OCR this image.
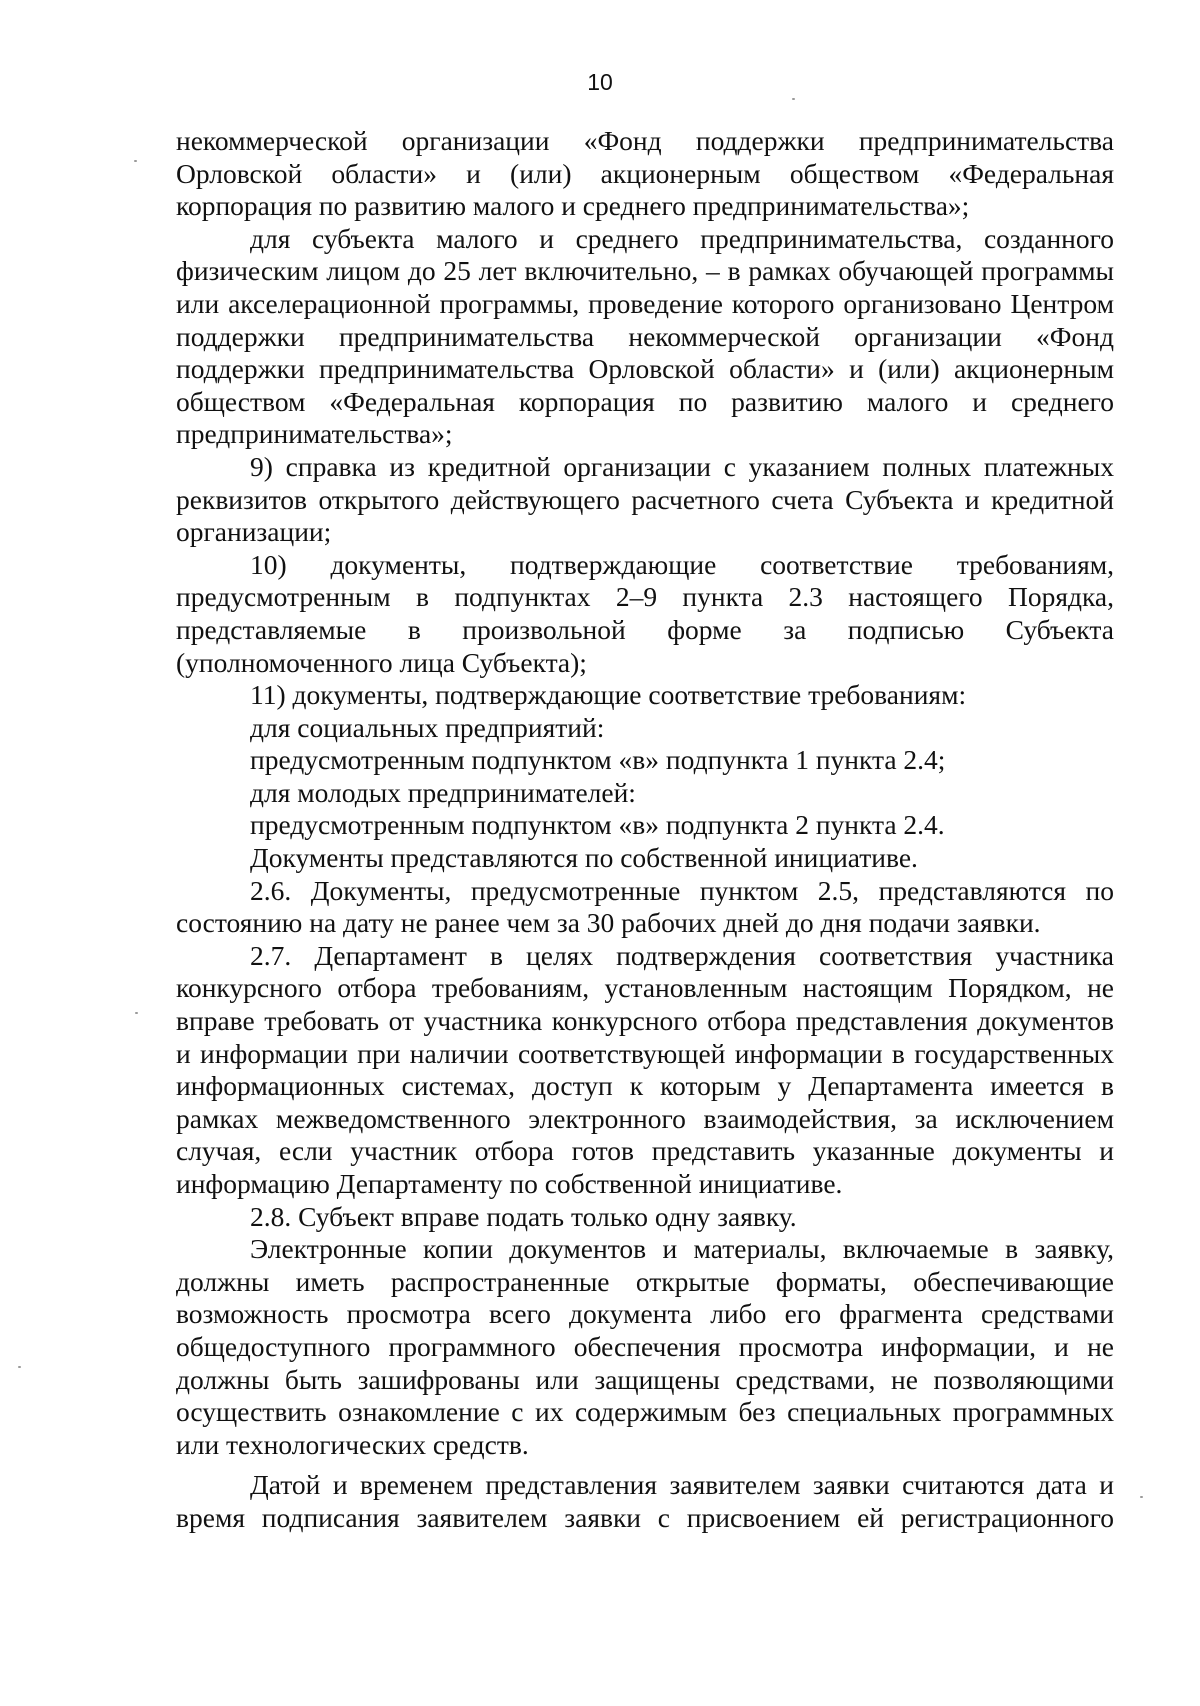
10

некоммерческой организации «Фонд поддержки предпринимательства Орловской области» и (или) акционерным обществом «Федеральная корпорация по развитию малого и среднего предпринимательства»;

для субъекта малого и среднего предпринимательства, созданного физическим лицом до 25 лет включительно, – в рамках обучающей программы или акселерационной программы, проведение которого организовано Центром поддержки предпринимательства некоммерческой организации «Фонд поддержки предпринимательства Орловской области» и (или) акционерным обществом «Федеральная корпорация по развитию малого и среднего предпринимательства»;

9) справка из кредитной организации с указанием полных платежных реквизитов открытого действующего расчетного счета Субъекта и кредитной организации;

10) документы, подтверждающие соответствие требованиям, предусмотренным в подпунктах 2–9 пункта 2.3 настоящего Порядка, представляемые в произвольной форме за подписью Субъекта (уполномоченного лица Субъекта);

11) документы, подтверждающие соответствие требованиям:

для социальных предприятий:

предусмотренным подпунктом «в» подпункта 1 пункта 2.4;

для молодых предпринимателей:

предусмотренным подпунктом «в» подпункта 2 пункта 2.4.

Документы представляются по собственной инициативе.

2.6. Документы, предусмотренные пунктом 2.5, представляются по состоянию на дату не ранее чем за 30 рабочих дней до дня подачи заявки.

2.7. Департамент в целях подтверждения соответствия участника конкурсного отбора требованиям, установленным настоящим Порядком, не вправе требовать от участника конкурсного отбора представления документов и информации при наличии соответствующей информации в государственных информационных системах, доступ к которым у Департамента имеется в рамках межведомственного электронного взаимодействия, за исключением случая, если участник отбора готов представить указанные документы и информацию Департаменту по собственной инициативе.

2.8. Субъект вправе подать только одну заявку.

Электронные копии документов и материалы, включаемые в заявку, должны иметь распространенные открытые форматы, обеспечивающие возможность просмотра всего документа либо его фрагмента средствами общедоступного программного обеспечения просмотра информации, и не должны быть зашифрованы или защищены средствами, не позволяющими осуществить ознакомление с их содержимым без специальных программных или технологических средств.

Датой и временем представления заявителем заявки считаются дата и время подписания заявителем заявки с присвоением ей регистрационного
